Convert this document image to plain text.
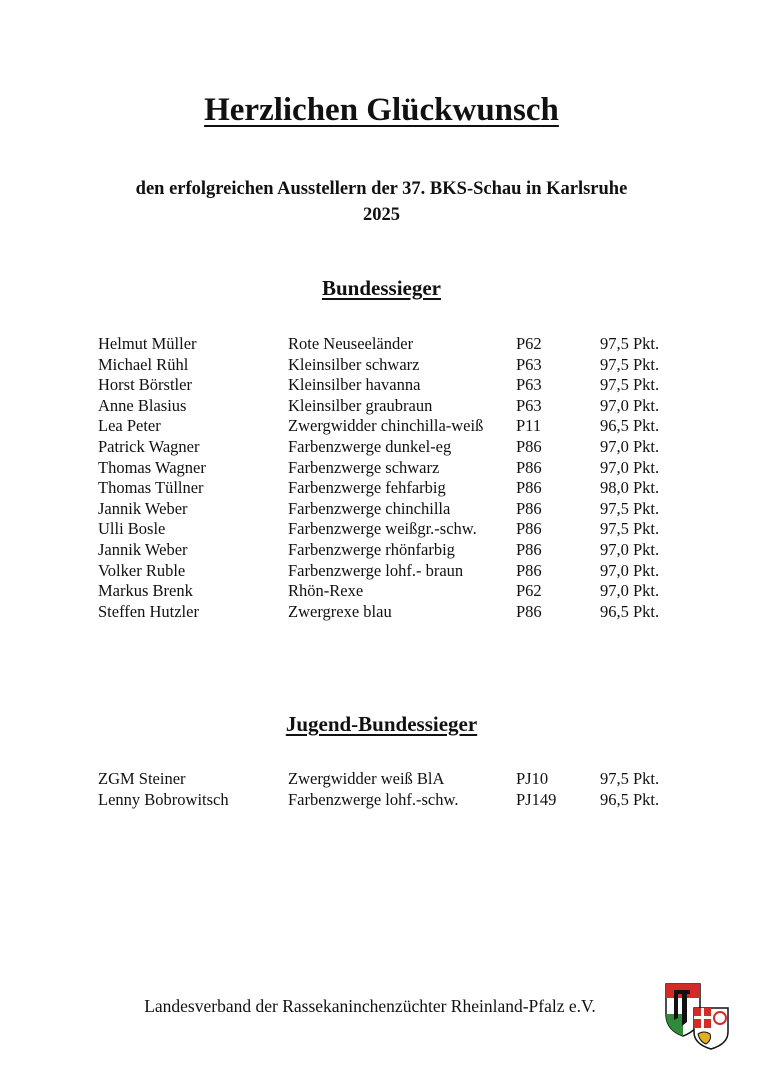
Herzlichen Glückwunsch
den erfolgreichen Ausstellern der 37. BKS-Schau in Karlsruhe
2025
Bundessieger
Helmut Müller	Rote Neuseeländer	P62	97,5 Pkt.
Michael Rühl	Kleinsilber schwarz	P63	97,5 Pkt.
Horst Börstler	Kleinsilber havanna	P63	97,5 Pkt.
Anne Blasius	Kleinsilber graubraun	P63	97,0 Pkt.
Lea Peter	Zwergwidder chinchilla-weiß P11	96,5 Pkt.
Patrick Wagner	Farbenzwerge dunkel-eg	P86	97,0 Pkt.
Thomas Wagner	Farbenzwerge schwarz	P86	97,0 Pkt.
Thomas Tüllner	Farbenzwerge fehfarbig	P86	98,0 Pkt.
Jannik Weber	Farbenzwerge chinchilla	P86	97,5 Pkt.
Ulli Bosle	Farbenzwerge weißgr.-schw. P86	97,5 Pkt.
Jannik Weber	Farbenzwerge rhönfarbig	P86	97,0 Pkt.
Volker Ruble	Farbenzwerge lohf.- braun	P86	97,0 Pkt.
Markus Brenk	Rhön-Rexe	P62	97,0 Pkt.
Steffen Hutzler	Zwergrexe blau	P86	96,5 Pkt.
Jugend-Bundessieger
ZGM Steiner	Zwergwidder weiß BlA	PJ10	97,5 Pkt.
Lenny Bobrowitsch	Farbenzwerge lohf.-schw.	PJ149	96,5 Pkt.
Landesverband der Rassekaninchenzüchter Rheinland-Pfalz e.V.
